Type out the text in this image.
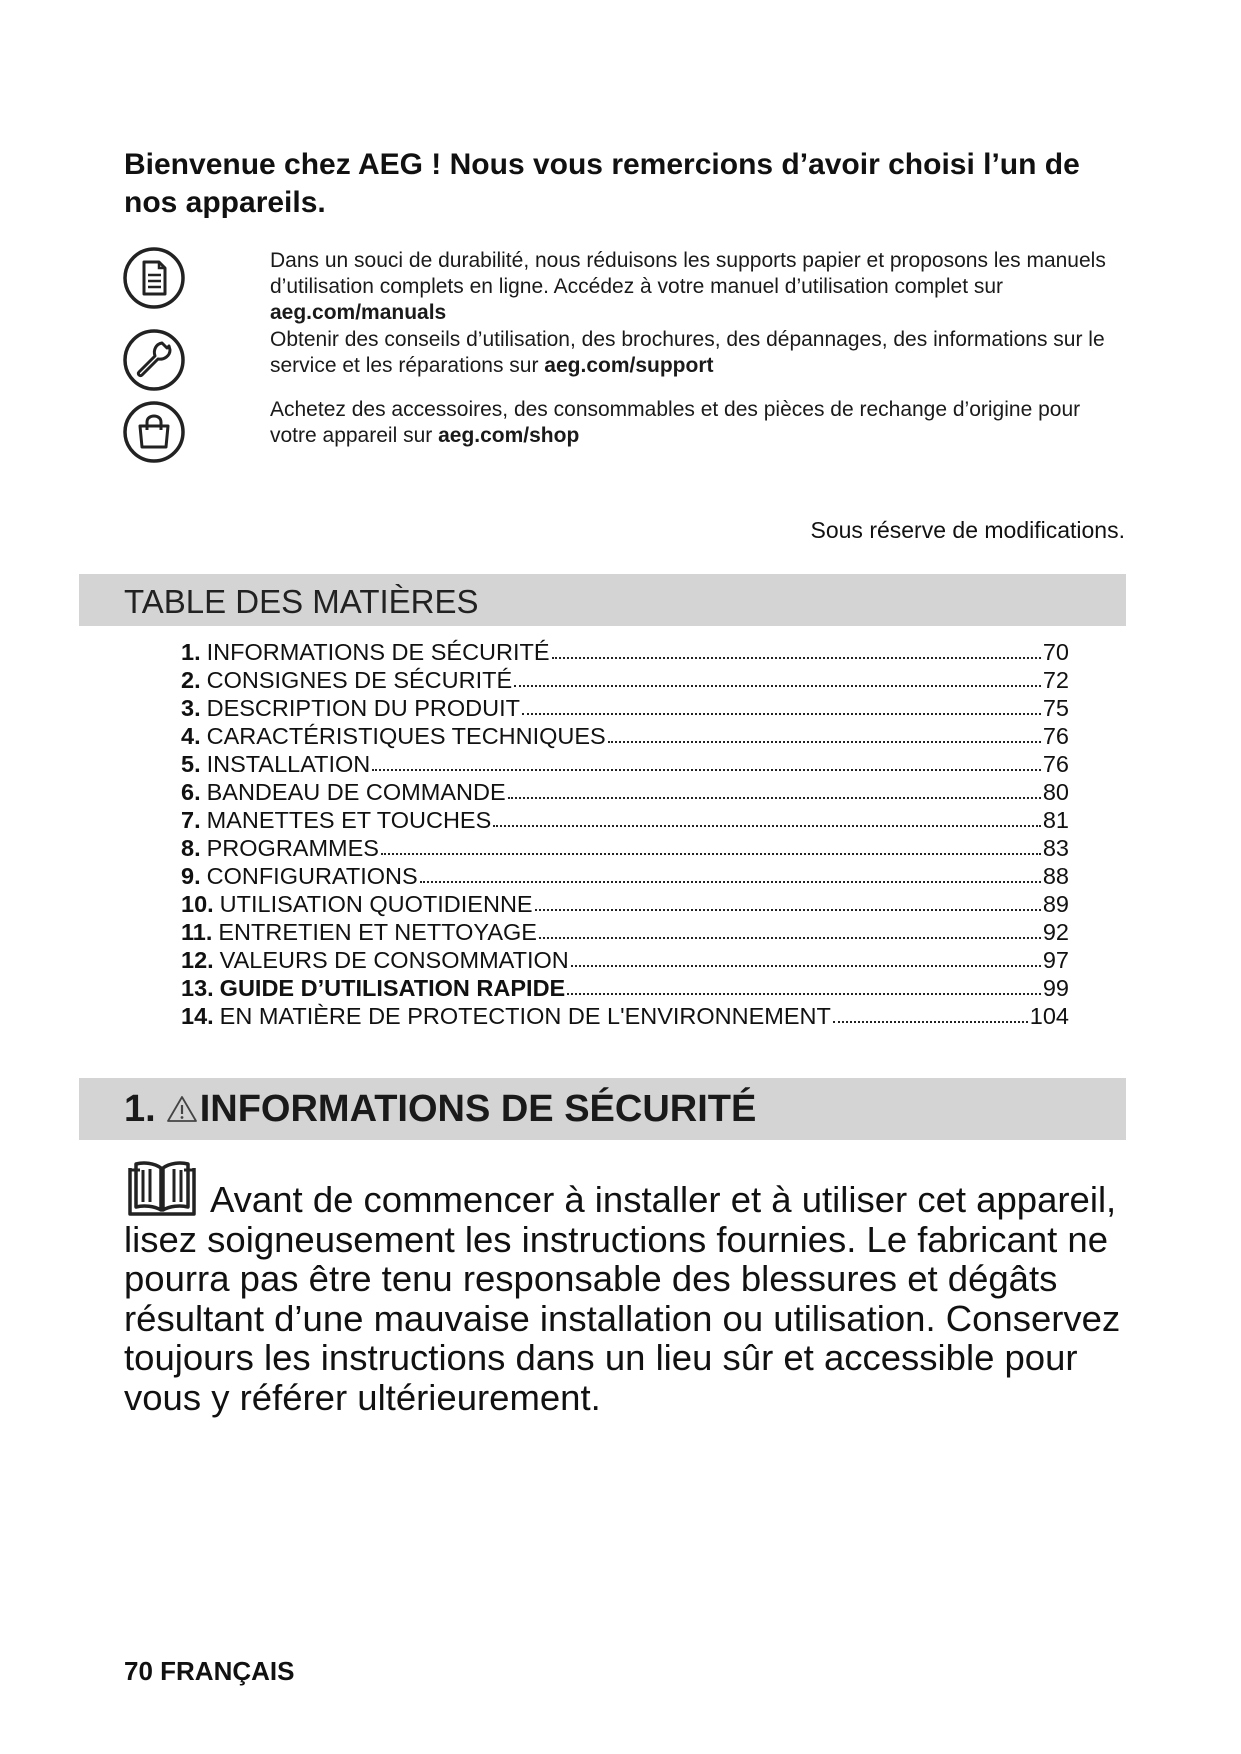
Bienvenue chez AEG ! Nous vous remercions d’avoir choisi l’un de nos appareils.
Dans un souci de durabilité, nous réduisons les supports papier et proposons les manuels d’utilisation complets en ligne. Accédez à votre manuel d’utilisation complet sur aeg.com/manuals
Obtenir des conseils d’utilisation, des brochures, des dépannages, des informations sur le service et les réparations sur aeg.com/support
Achetez des accessoires, des consommables et des pièces de rechange d’origine pour votre appareil sur aeg.com/shop
Sous réserve de modifications.
TABLE DES MATIÈRES
1. INFORMATIONS DE SÉCURITÉ	70
2. CONSIGNES DE SÉCURITÉ	72
3. DESCRIPTION DU PRODUIT	75
4. CARACTÉRISTIQUES TECHNIQUES	76
5. INSTALLATION	76
6. BANDEAU DE COMMANDE	80
7. MANETTES ET TOUCHES	81
8. PROGRAMMES	83
9. CONFIGURATIONS	88
10. UTILISATION QUOTIDIENNE	89
11. ENTRETIEN ET NETTOYAGE	92
12. VALEURS DE CONSOMMATION	97
13. GUIDE D’UTILISATION RAPIDE	99
14. EN MATIÈRE DE PROTECTION DE L'ENVIRONNEMENT	104
1. INFORMATIONS DE SÉCURITÉ
Avant de commencer à installer et à utiliser cet appareil, lisez soigneusement les instructions fournies. Le fabricant ne pourra pas être tenu responsable des blessures et dégâts résultant d’une mauvaise installation ou utilisation. Conservez toujours les instructions dans un lieu sûr et accessible pour vous y référer ultérieurement.
70 FRANÇAIS
